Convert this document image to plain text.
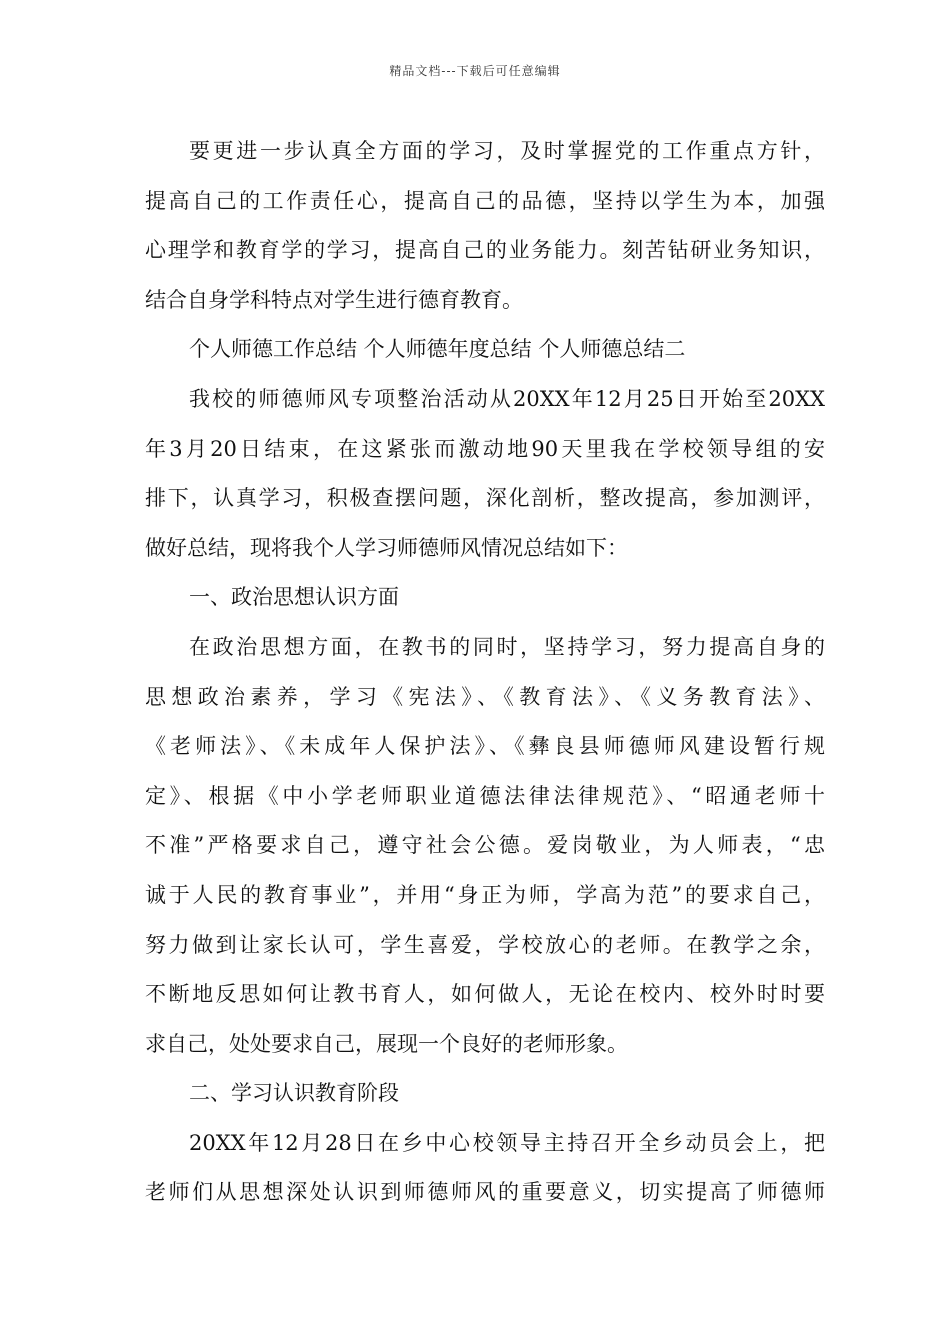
精品文档---下载后可任意编辑
要更进一步认真全方面的学习，及时掌握党的工作重点方针，
提高自己的工作责任心，提高自己的品德，坚持以学生为本，加强
心理学和教育学的学习，提高自己的业务能力。刻苦钻研业务知识，
结合自身学科特点对学生进行德育教育。
个人师德工作总结 个人师德年度总结 个人师德总结二
我校的师德师风专项整治活动从20XX年12月25日开始至20XX
年3月20日结束，在这紧张而激动地90天里我在学校领导组的安
排下，认真学习，积极查摆问题，深化剖析，整改提高，参加测评，
做好总结，现将我个人学习师德师风情况总结如下：
一、政治思想认识方面
在政治思想方面，在教书的同时，坚持学习，努力提高自身的
思想政治素养，学习《宪法》、《教育法》、《义务教育法》、
《老师法》、《未成年人保护法》、《彝良县师德师风建设暂行规
定》、根据《中小学老师职业道德法律法律规范》、“昭通老师十
不准”严格要求自己，遵守社会公德。爱岗敬业，为人师表，“忠
诚于人民的教育事业”，并用“身正为师，学高为范”的要求自己，
努力做到让家长认可，学生喜爱，学校放心的老师。在教学之余，
不断地反思如何让教书育人，如何做人，无论在校内、校外时时要
求自己，处处要求自己，展现一个良好的老师形象。
二、学习认识教育阶段
20XX年12月28日在乡中心校领导主持召开全乡动员会上，把
老师们从思想深处认识到师德师风的重要意义，切实提高了师德师
